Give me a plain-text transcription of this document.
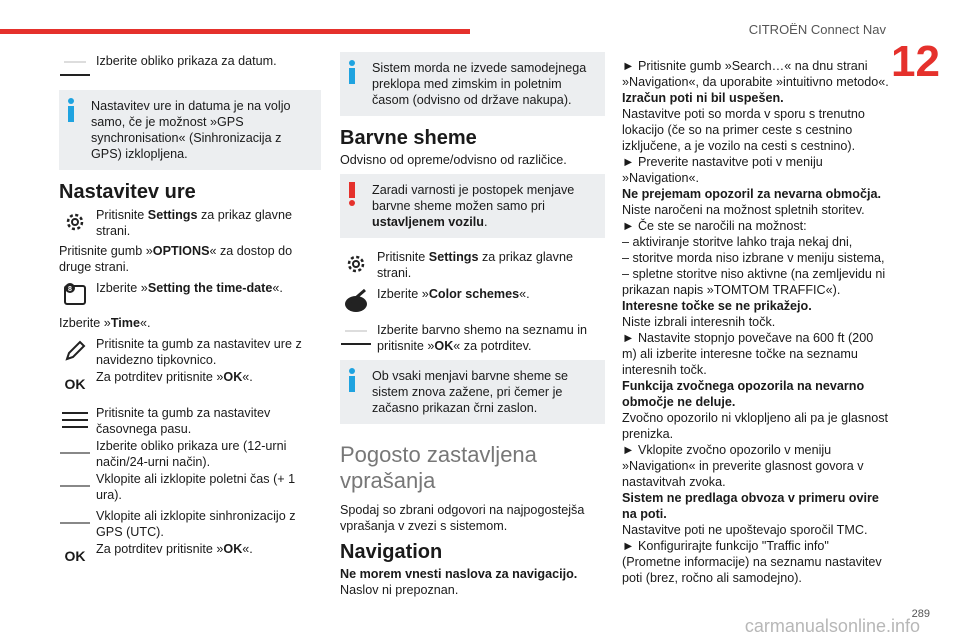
CITROËN Connect Nav
12
Izberite obliko prikaza za datum.
Nastavitev ure in datuma je na voljo samo, če je možnost »GPS synchronisation« (Sinhronizacija z GPS) izklopljena.
Nastavitev ure
Pritisnite Settings za prikaz glavne strani.
Pritisnite gumb »OPTIONS« za dostop do druge strani.
8 Izberite »Setting the time-date«.
Izberite »Time«.
Pritisnite ta gumb za nastavitev ure z navidezno tipkovnico.
OK Za potrditev pritisnite »OK«.
Pritisnite ta gumb za nastavitev časovnega pasu.
Izberite obliko prikaza ure (12-urni način/24-urni način).
Vklopite ali izklopite poletni čas (+ 1 ura).
Vklopite ali izklopite sinhronizacijo z GPS (UTC).
OK Za potrditev pritisnite »OK«.
Sistem morda ne izvede samodejnega preklopa med zimskim in poletnim časom (odvisno od države nakupa).
Barvne sheme
Odvisno od opreme/odvisno od različice.
Zaradi varnosti je postopek menjave barvne sheme možen samo pri ustavljenem vozilu.
Pritisnite Settings za prikaz glavne strani.
Izberite »Color schemes«.
Izberite barvno shemo na seznamu in pritisnite »OK« za potrditev.
Ob vsaki menjavi barvne sheme se sistem znova zažene, pri čemer je začasno prikazan črni zaslon.
Pogosto zastavljena vprašanja
Spodaj so zbrani odgovori na najpogostejša vprašanja v zvezi s sistemom.
Navigation
Ne morem vnesti naslova za navigacijo.
Naslov ni prepoznan.

► Pritisnite gumb »Search…« na dnu strani »Navigation«, da uporabite »intuitivno metodo«.

Izračun poti ni bil uspešen.

Nastavitve poti so morda v sporu s trenutno lokacijo (če so na primer ceste s cestnino izključene, a je vozilo na cesti s cestnino).

► Preverite nastavitve poti v meniju »Navigation«.

Ne prejemam opozoril za nevarna območja.

Niste naročeni na možnost spletnih storitev.

► Če ste se naročili na možnost:

– aktiviranje storitve lahko traja nekaj dni,

– storitve morda niso izbrane v meniju sistema,

– spletne storitve niso aktivne (na zemljevidu ni prikazan napis »TOMTOM TRAFFIC«).

Interesne točke se ne prikažejo.

Niste izbrali interesnih točk.

► Nastavite stopnjo povečave na 600 ft (200 m) ali izberite interesne točke na seznamu interesnih točk.

Funkcija zvočnega opozorila na nevarno območje ne deluje.

Zvočno opozorilo ni vklopljeno ali pa je glasnost prenizka.

► Vklopite zvočno opozorilo v meniju »Navigation« in preverite glasnost govora v nastavitvah zvoka.

Sistem ne predlaga obvoza v primeru ovire na poti.

Nastavitve poti ne upoštevajo sporočil TMC.

► Konfigurirajte funkcijo "Traffic info" (Prometne informacije) na seznamu nastavitev poti (brez, ročno ali samodejno).

289
carmanualsonline.info
